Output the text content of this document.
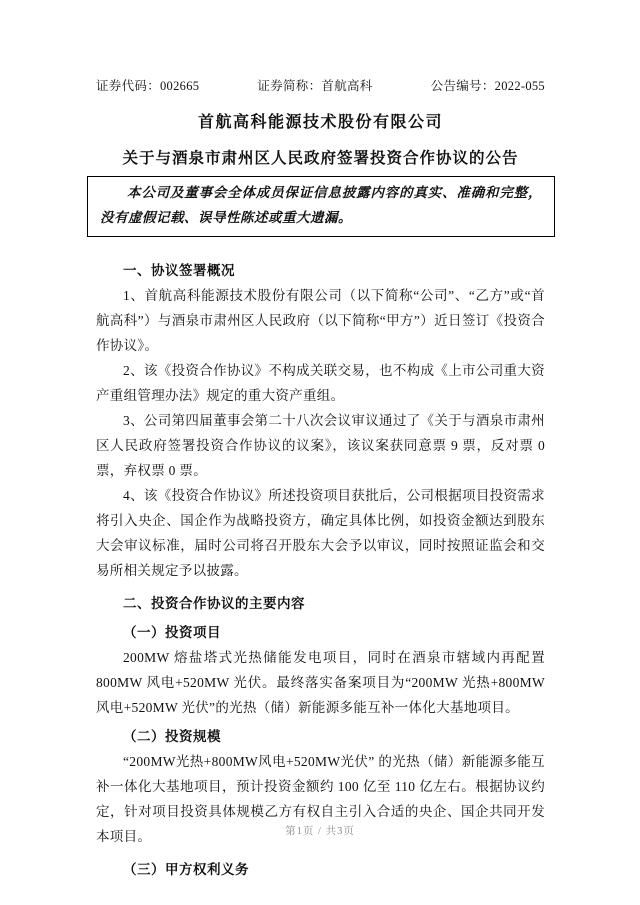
证券代码：002665	证券简称：首航高科	公告编号：2022-055
首航高科能源技术股份有限公司
关于与酒泉市肃州区人民政府签署投资合作协议的公告
本公司及董事会全体成员保证信息披露内容的真实、准确和完整，没有虚假记载、误导性陈述或重大遗漏。
一、协议签署概况

1、首航高科能源技术股份有限公司（以下简称“公司”、“乙方”或“首航高科”）与酒泉市肃州区人民政府（以下简称“甲方”）近日签订《投资合作协议》。

2、该《投资合作协议》不构成关联交易，也不构成《上市公司重大资产重组管理办法》规定的重大资产重组。

3、公司第四届董事会第二十八次会议审议通过了《关于与酒泉市肃州区人民政府签署投资合作协议的议案》，该议案获同意票 9 票，反对票 0 票，弃权票 0 票。

4、该《投资合作协议》所述投资项目获批后，公司根据项目投资需求将引入央企、国企作为战略投资方，确定具体比例，如投资金额达到股东大会审议标准，届时公司将召开股东大会予以审议，同时按照证监会和交易所相关规定予以披露。

二、投资合作协议的主要内容
（一）投资项目

200MW 熔盐塔式光热储能发电项目，同时在酒泉市辖域内再配置 800MW 风电+520MW 光伏。最终落实备案项目为“200MW 光热+800MW 风电+520MW 光伏”的光热（储）新能源多能互补一体化大基地项目。

（二）投资规模

“200MW光热+800MW风电+520MW光伏” 的光热（储）新能源多能互补一体化大基地项目，预计投资金额约 100 亿至 110 亿左右。根据协议约定，针对项目投资具体规模乙方有权自主引入合适的央企、国企共同开发本项目。

（三）甲方权利义务
第1页 / 共3页
